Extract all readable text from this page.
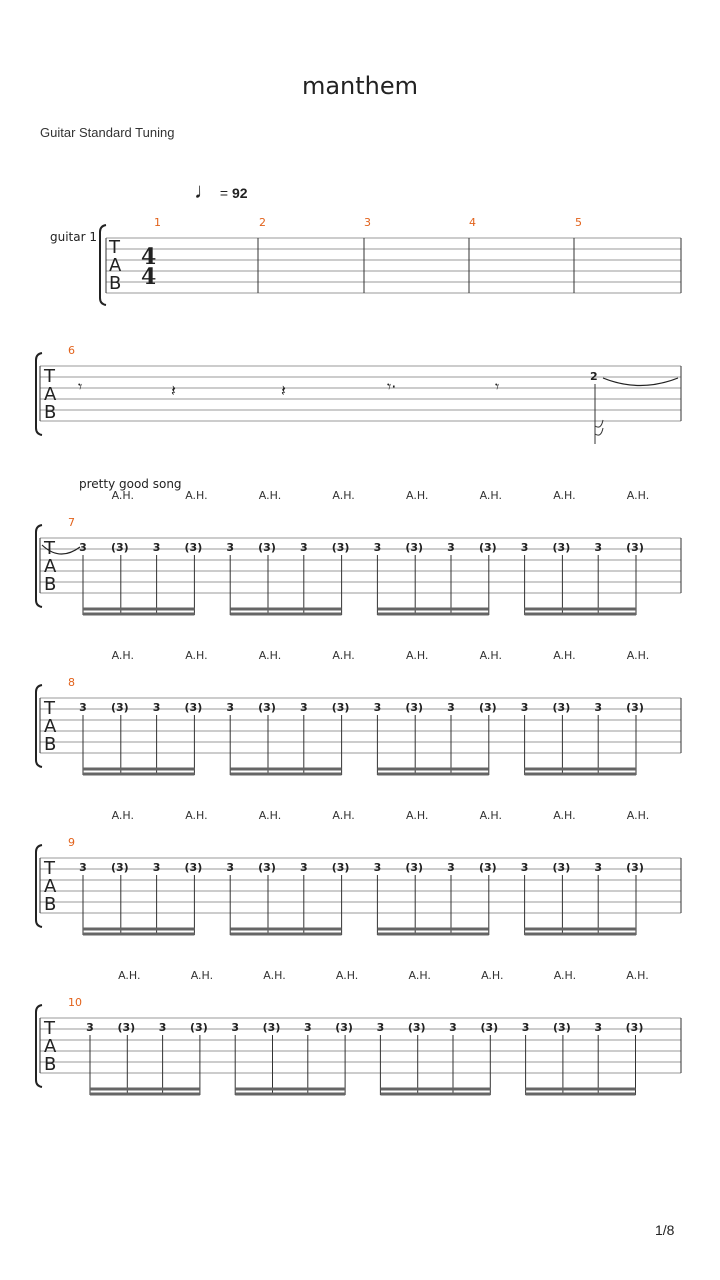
manthem
Guitar Standard Tuning
♩ = 92
guitar 1 T
A
B
4
4
1	2	3	4	5
T
A
B
6
𝄾	𝄽	𝄽	𝄾·	𝄾
2
pretty good song
T
A
B
7
3 (3)
A.H.
3 (3)
A.H.
3 (3)
A.H.
3 (3)
A.H.
3 (3)
A.H.
3 (3)
A.H.
3 (3)
A.H.
3 (3)
A.H.
T
A
B
8
3 (3)
A.H.
3 (3)
A.H.
3 (3)
A.H.
3 (3)
A.H.
3 (3)
A.H.
3 (3)
A.H.
3 (3)
A.H.
3 (3)
A.H.
T
A
B
9
3 (3)
A.H.
3 (3)
A.H.
3 (3)
A.H.
3 (3)
A.H.
3 (3)
A.H.
3 (3)
A.H.
3 (3)
A.H.
3 (3)
A.H.
T
A
B
10
3 (3)
A.H.
3 (3)
A.H.
3 (3)
A.H.
3 (3)
A.H.
3 (3)
A.H.
3 (3)
A.H.
3 (3)
A.H.
3 (3)
A.H.
1/8
